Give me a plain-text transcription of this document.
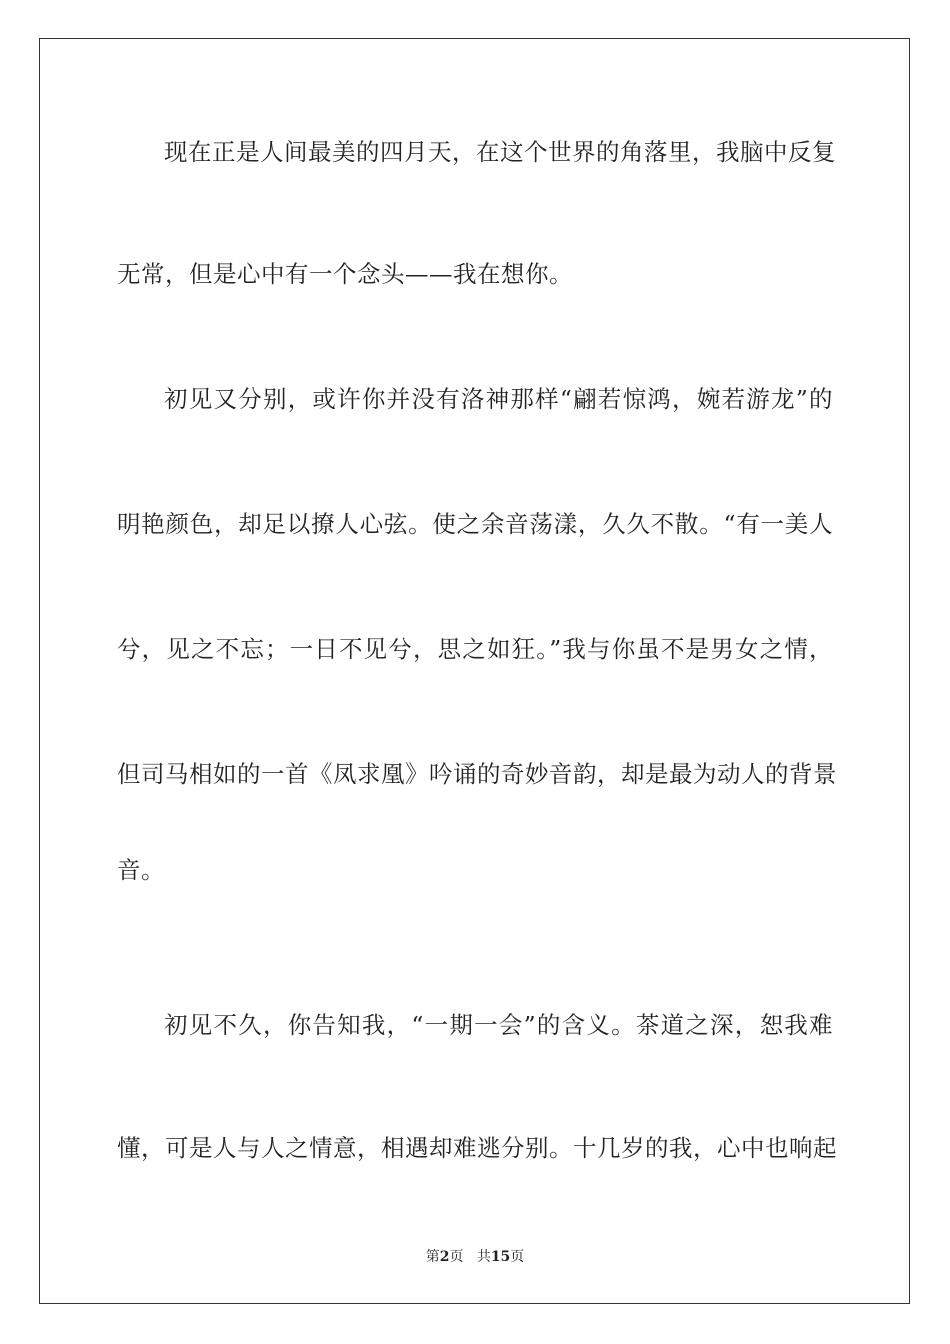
现在正是人间最美的四月天，在这个世界的角落里，我脑中反复
无常，但是心中有一个念头——我在想你。
初见又分别，或许你并没有洛神那样“翩若惊鸿，婉若游龙”的
明艳颜色，却足以撩人心弦。使之余音荡漾，久久不散。“有一美人
兮，见之不忘；一日不见兮，思之如狂。”我与你虽不是男女之情，
但司马相如的一首《凤求凰》吟诵的奇妙音韵，却是最为动人的背景
音。
初见不久，你告知我，“一期一会”的含义。茶道之深，恕我难
懂，可是人与人之情意，相遇却难逃分别。十几岁的我，心中也响起
第2页 共15页
